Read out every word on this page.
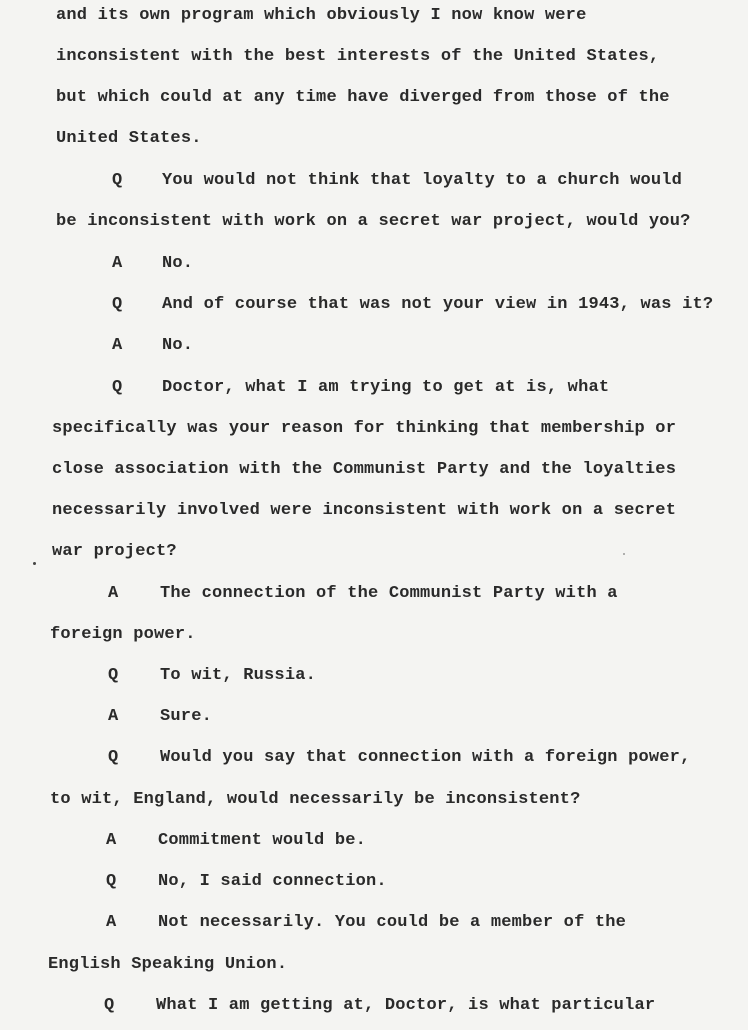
and its own program which obviously I now know were
inconsistent with the best interests of the United States,
but which could at any time have diverged from those of the
United States.
Q You would not think that loyalty to a church would
be inconsistent with work on a secret war project, would you?
A No.
Q And of course that was not your view in 1943, was it?
A No.
Q Doctor, what I am trying to get at is, what
specifically was your reason for thinking that membership or
close association with the Communist Party and the loyalties
necessarily involved were inconsistent with work on a secret
war project?
A The connection of the Communist Party with a
foreign power.
Q To wit, Russia.
A Sure.
Q Would you say that connection with a foreign power,
to wit, England, would necessarily be inconsistent?
A Commitment would be.
Q No, I said connection.
A Not necessarily. You could be a member of the
English Speaking Union.
Q What I am getting at, Doctor, is what particular
